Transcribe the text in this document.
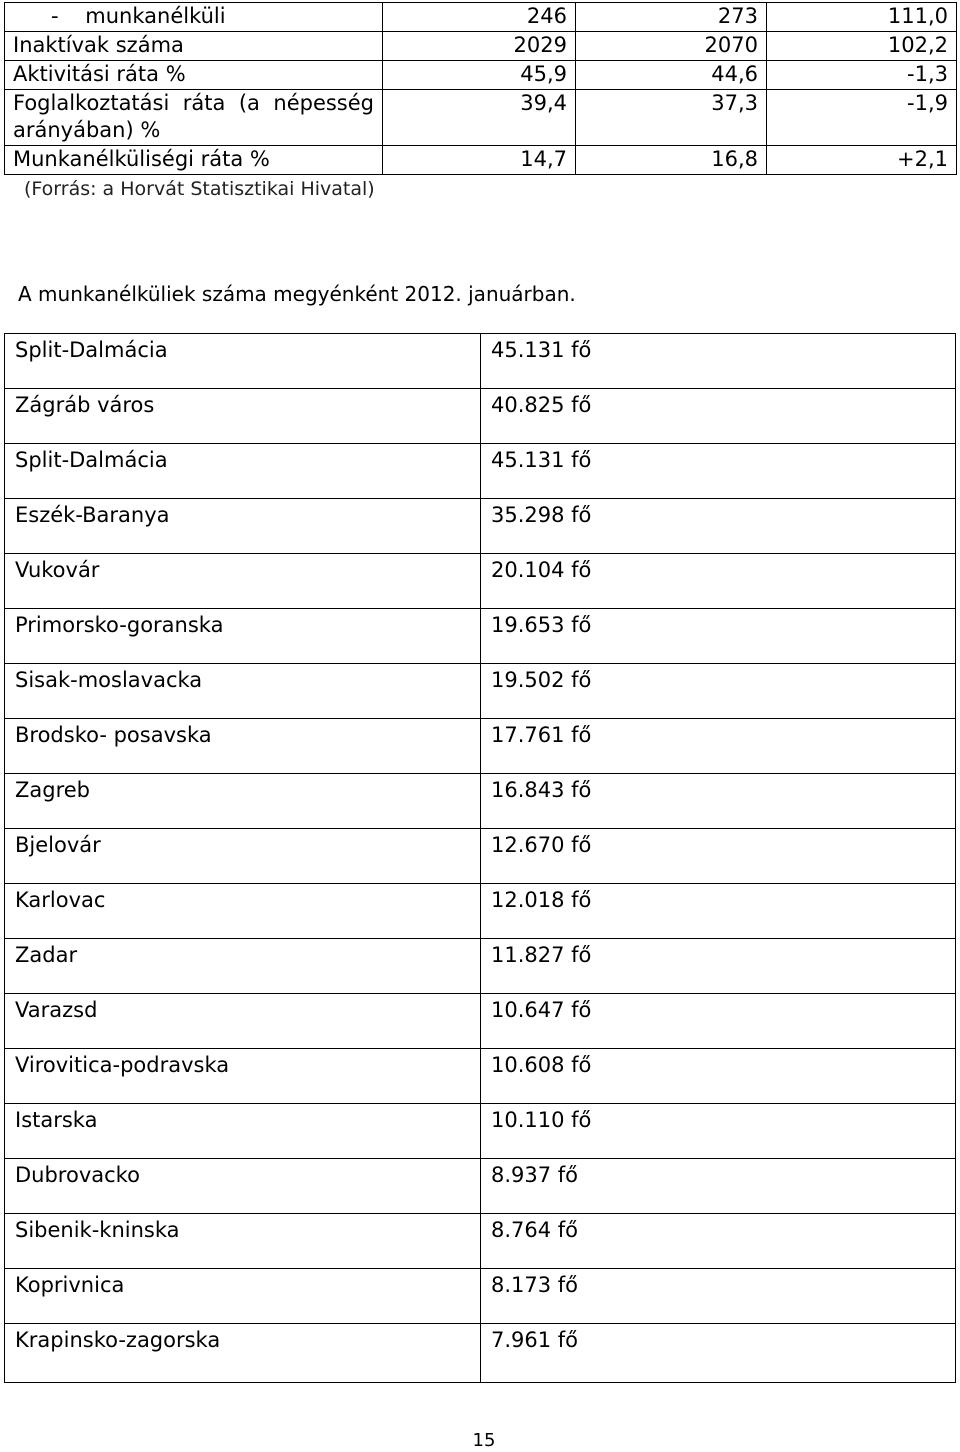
-    munkanélküli	246	273	111,0
Inaktívak száma	2029	2070	102,2
Aktivitási ráta %	45,9	44,6	-1,3
Foglalkoztatási ráta (a népesség arányában) %	39,4	37,3	-1,9
Munkanélküliségi ráta %	14,7	16,8	+2,1
(Forrás: a Horvát Statisztikai Hivatal)
A munkanélküliek száma megyénként 2012. januárban.
Split-Dalmácia	45.131 fő
Zágráb város	40.825 fő
Split-Dalmácia	45.131 fő
Eszék-Baranya	35.298 fő
Vukovár	20.104 fő
Primorsko-goranska	19.653 fő
Sisak-moslavacka	19.502 fő
Brodsko- posavska	17.761 fő
Zagreb	16.843 fő
Bjelovár	12.670 fő
Karlovac	12.018 fő
Zadar	11.827 fő
Varazsd	10.647 fő
Virovitica-podravska	10.608 fő
Istarska	10.110 fő
Dubrovacko	8.937 fő
Sibenik-kninska	8.764 fő
Koprivnica	8.173 fő
Krapinsko-zagorska	7.961 fő
15
